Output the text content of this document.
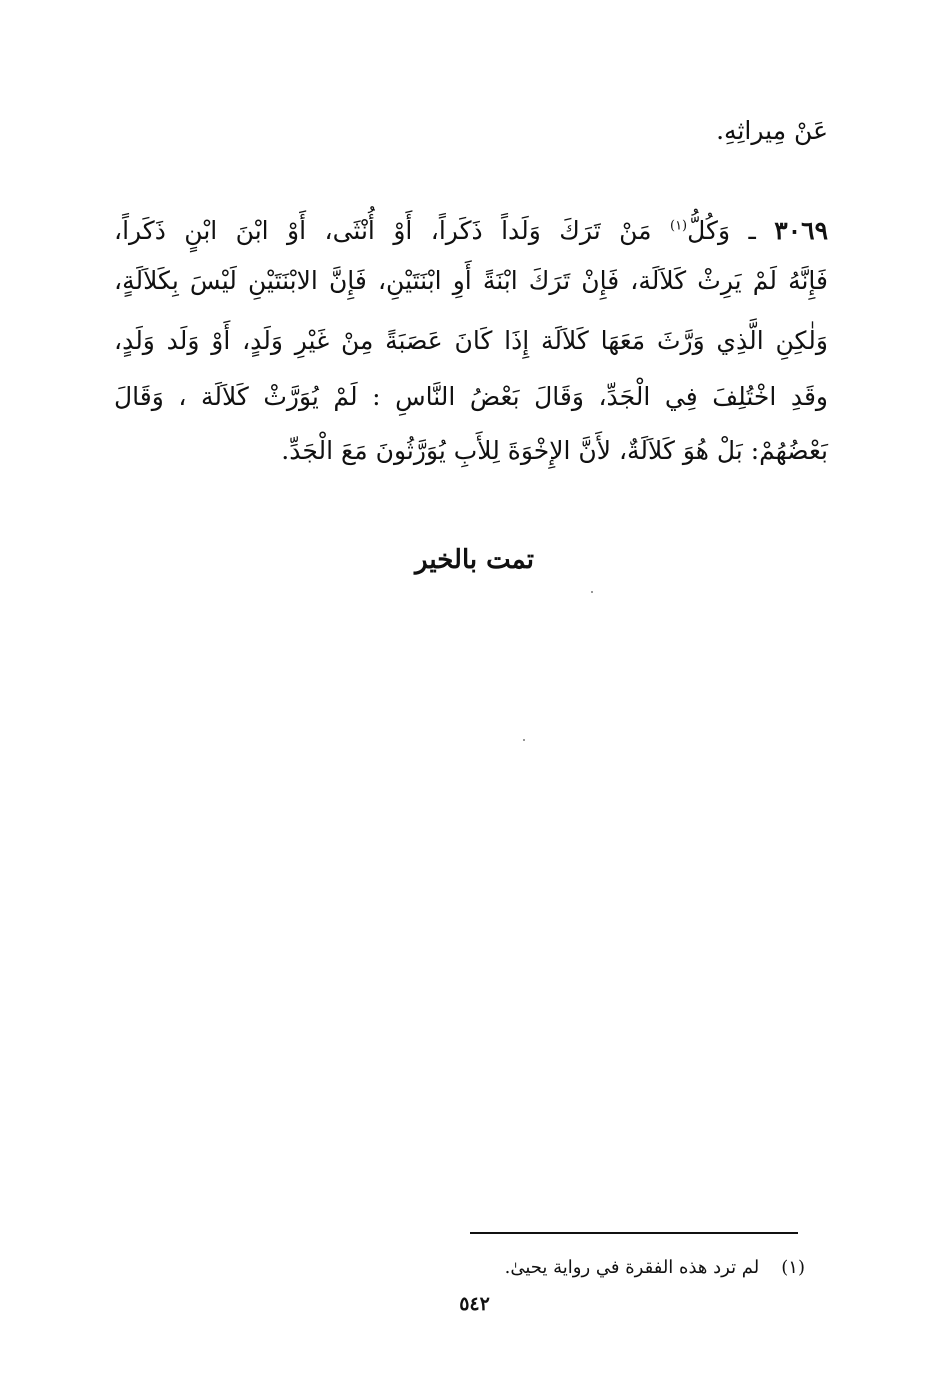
عَنْ مِيراثِهِ.
٣٠٦٩ ـ وَكُلُّ$^{(١)}$ مَنْ تَرَكَ وَلَداً ذَكَراً، أَوْ أُنْثَى، أَوْ ابْنَ ابْنٍ ذَكَراً،
فَإِنَّهُ لَمْ يَرِثْ كَلاَلَة، فَإِنْ تَرَكَ ابْنَةً أَوِ ابْنَتَيْنِ، فَإِنَّ الابْنَتَيْنِ لَيْسَ بِكَلاَلَةٍ،
وَلٰكِنِ الَّذِي وَرَّثَ مَعَهَا كَلاَلَة إِذَا كَانَ عَصَبَةً مِنْ غَيْرِ وَلَدٍ، أَوْ وَلَد وَلَدٍ،
وقَدِ اخْتُلِفَ فِي الْجَدِّ، وَقَالَ بَعْضُ النَّاسِ : لَمْ يُوَرَّثْ كَلاَلَة ، وَقَالَ
بَعْضُهُمْ: بَلْ هُوَ كَلاَلَةٌ، لأَنَّ الإِخْوَةَ لِلأَبِ يُوَرَّثُونَ مَعَ الْجَدِّ.
تمت بالخير
(١)لم ترد هذه الفقرة في رواية يحيىٰ.
٥٤٢
